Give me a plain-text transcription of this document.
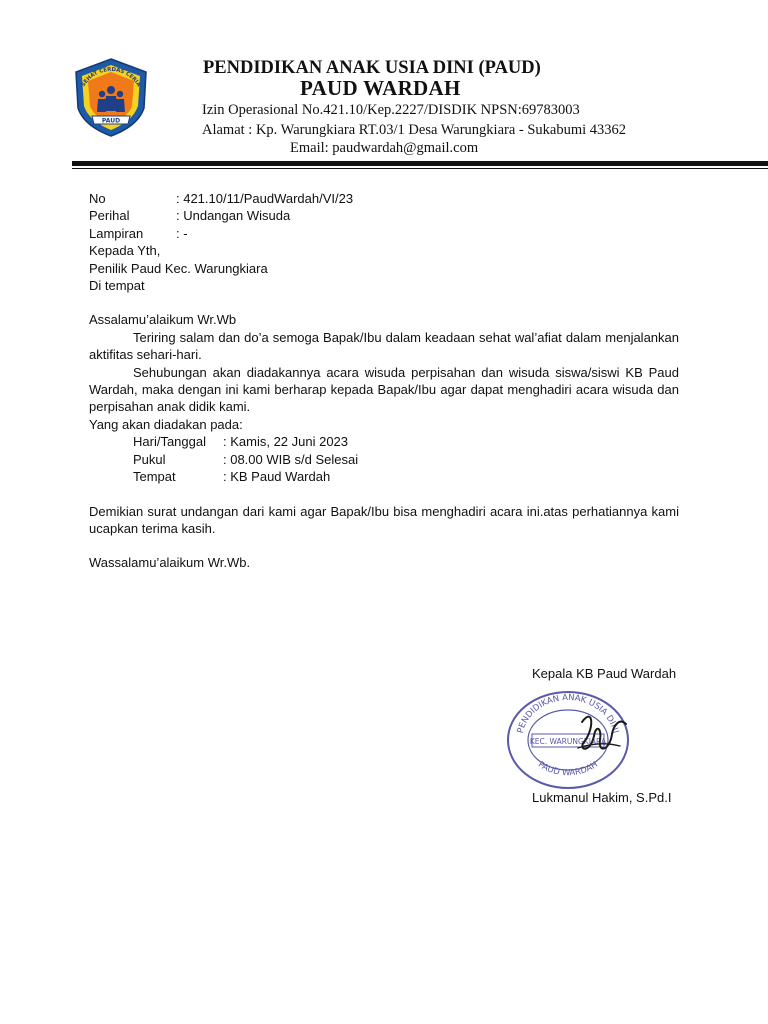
SEHAT CERDAS CERIA
PAUD
PENDIDIKAN ANAK USIA DINI (PAUD)
PAUD WARDAH
Izin Operasional No.421.10/Kep.2227/DISDIK NPSN:69783003
Alamat : Kp. Warungkiara RT.03/1 Desa Warungkiara - Sukabumi 43362
Email: paudwardah@gmail.com
No	: 421.10/11/PaudWardah/VI/23
Perihal	: Undangan Wisuda
Lampiran	: -
Kepada Yth,
Penilik Paud Kec. Warungkiara
Di tempat
Assalamu’alaikum Wr.Wb
Teriring salam dan do’a semoga Bapak/Ibu dalam keadaan sehat wal’afiat dalam menjalankan aktifitas sehari-hari.
Sehubungan akan diadakannya acara wisuda perpisahan dan wisuda siswa/siswi KB Paud Wardah, maka dengan ini kami berharap kepada Bapak/Ibu agar dapat menghadiri acara wisuda dan perpisahan anak didik kami.
Yang akan diadakan pada:
Hari/Tanggal	: Kamis, 22 Juni 2023
Pukul	: 08.00 WIB s/d Selesai
Tempat	: KB Paud Wardah
Demikian surat undangan dari kami agar Bapak/Ibu bisa menghadiri acara ini.atas perhatiannya kami ucapkan terima kasih.
Wassalamu’alaikum Wr.Wb.
Kepala KB Paud Wardah
PENDIDIKAN ANAK USIA DINI
PAUD WARDAH
KEC. WARUNGKIARA
Lukmanul Hakim, S.Pd.I
